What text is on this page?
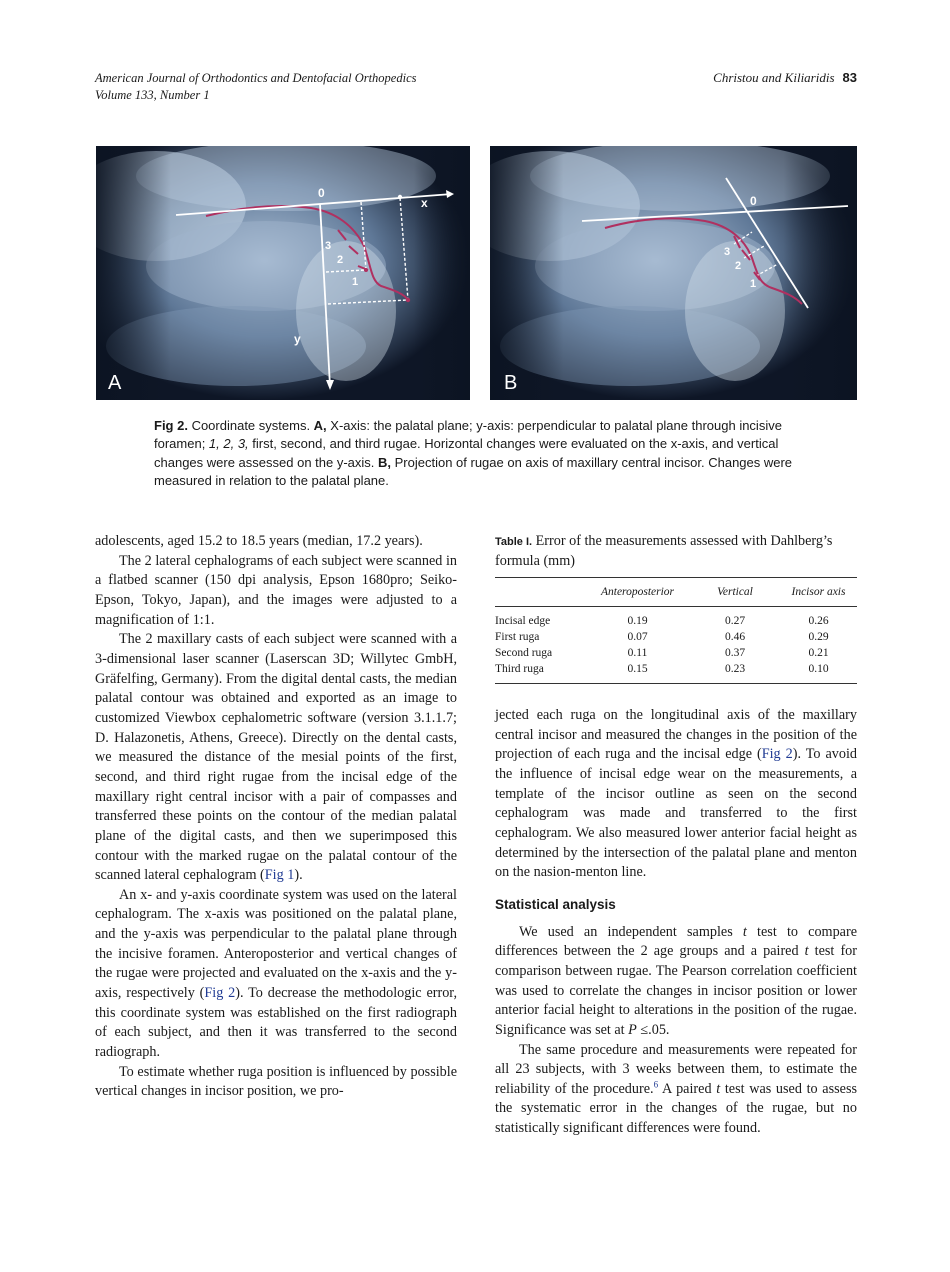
American Journal of Orthodontics and Dentofacial Orthopedics
Volume 133, Number 1
Christou and Kiliaridis 83
0
x
y
3
2
1
A
0
3
2
1
B
Fig 2. Coordinate systems. A, X-axis: the palatal plane; y-axis: perpendicular to palatal plane through incisive foramen; 1, 2, 3, first, second, and third rugae. Horizontal changes were evaluated on the x-axis, and vertical changes were assessed on the y-axis. B, Projection of rugae on axis of maxillary central incisor. Changes were measured in relation to the palatal plane.

adolescents, aged 15.2 to 18.5 years (median, 17.2 years).

The 2 lateral cephalograms of each subject were scanned in a flatbed scanner (150 dpi analysis, Epson 1680pro; Seiko-Epson, Tokyo, Japan), and the images were adjusted to a magnification of 1:1.

The 2 maxillary casts of each subject were scanned with a 3-dimensional laser scanner (Laserscan 3D; Willytec GmbH, Gräfelfing, Germany). From the digital dental casts, the median palatal contour was obtained and exported as an image to customized Viewbox cephalometric software (version 3.1.1.7; D. Halazonetis, Athens, Greece). Directly on the dental casts, we measured the distance of the mesial points of the first, second, and third right rugae from the incisal edge of the maxillary right central incisor with a pair of compasses and transferred these points on the contour of the median palatal plane of the digital casts, and then we superimposed this contour with the marked rugae on the palatal contour of the scanned lateral cephalogram (Fig 1).

An x- and y-axis coordinate system was used on the lateral cephalogram. The x-axis was positioned on the palatal plane, and the y-axis was perpendicular to the palatal plane through the incisive foramen. Anteroposterior and vertical changes of the rugae were projected and evaluated on the x-axis and the y-axis, respectively (Fig 2). To decrease the methodologic error, this coordinate system was established on the first radiograph of each subject, and then it was transferred to the second radiograph.

To estimate whether ruga position is influenced by possible vertical changes in incisor position, we pro-

Table I. Error of the measurements assessed with Dahlberg’s formula (mm)
	Anteroposterior	Vertical	Incisor axis
Incisal edge	0.19	0.27	0.26
First ruga	0.07	0.46	0.29
Second ruga	0.11	0.37	0.21
Third ruga	0.15	0.23	0.10

jected each ruga on the longitudinal axis of the maxillary central incisor and measured the changes in the position of the projection of each ruga and the incisal edge (Fig 2). To avoid the influence of incisal edge wear on the measurements, a template of the incisor outline as seen on the second cephalogram was made and transferred to the first cephalogram. We also measured lower anterior facial height as determined by the intersection of the palatal plane and menton on the nasion-menton line.

Statistical analysis

We used an independent samples t test to compare differences between the 2 age groups and a paired t test for comparison between rugae. The Pearson correlation coefficient was used to correlate the changes in incisor position or lower anterior facial height to alterations in the position of the rugae. Significance was set at P ≤.05.

The same procedure and measurements were repeated for all 23 subjects, with 3 weeks between them, to estimate the reliability of the procedure.$^6$ A paired t test was used to assess the systematic error in the changes of the rugae, but no statistically significant differences were found.
